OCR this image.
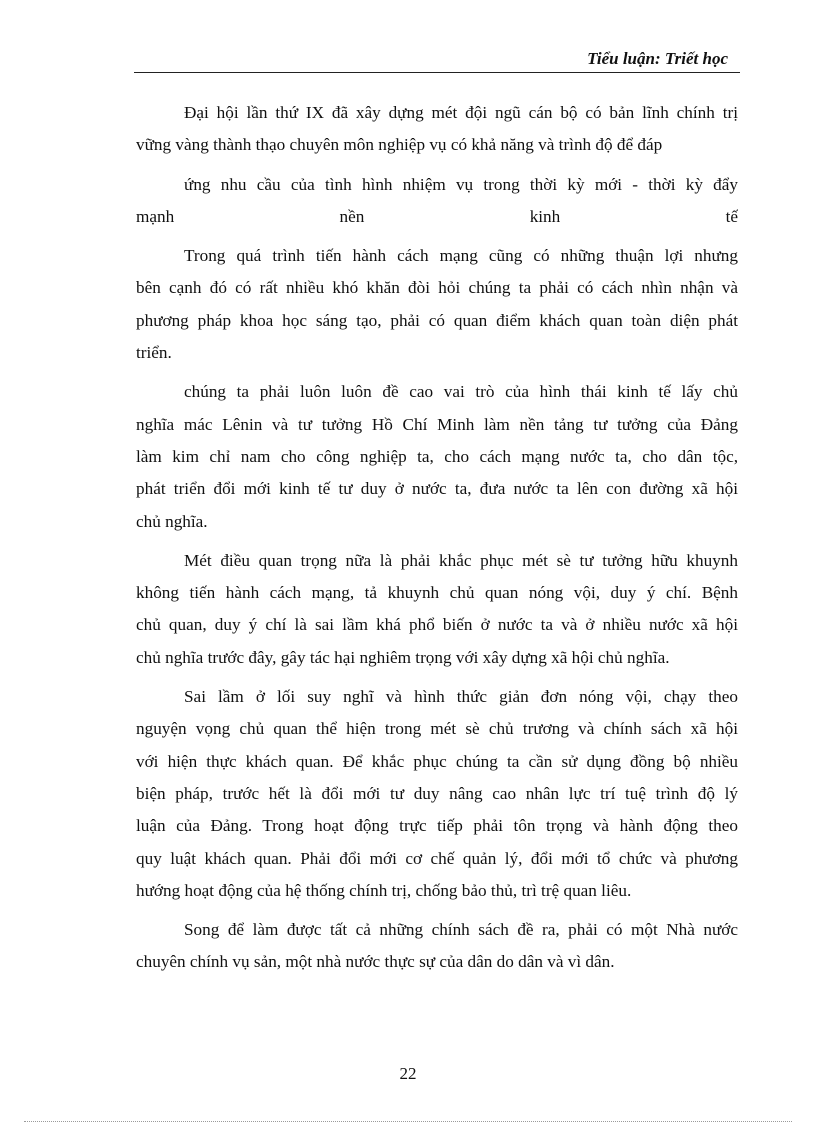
Tiểu luận: Triết học
Đại hội lần thứ IX đã xây dựng mét đội ngũ cán bộ có bản lĩnh chính trị
vững vàng thành thạo chuyên môn nghiệp vụ có khả năng và trình độ để đáp
ứng nhu cầu của tình hình nhiệm vụ trong thời kỳ mới - thời kỳ đẩy
mạnh nền kinh tế
Trong quá trình tiến hành cách mạng cũng có những thuận lợi nhưng
bên cạnh đó có rất nhiều khó khăn đòi hỏi chúng ta phải có cách nhìn nhận và
phương pháp khoa học sáng tạo, phải có quan điểm khách quan toàn diện phát
triển.
chúng ta phải luôn luôn đề cao vai trò của hình thái kinh tế lấy chủ
nghĩa mác Lênin và tư tưởng Hồ Chí Minh làm nền tảng tư tưởng của Đảng
làm kim chỉ nam cho công nghiệp ta, cho cách mạng nước ta, cho dân tộc,
phát triển đổi mới kinh tế tư duy ở nước ta, đưa nước ta lên con đường xã hội
chủ nghĩa.
Mét điều quan trọng nữa là phải khắc phục mét sè tư tưởng hữu khuynh
không tiến hành cách mạng, tả khuynh chủ quan nóng vội, duy ý chí. Bệnh
chủ quan, duy ý chí là sai lầm khá phổ biến ở nước ta và ở nhiều nước xã hội
chủ nghĩa trước đây, gây tác hại nghiêm trọng với xây dựng xã hội chủ nghĩa.
Sai lầm ở lối suy nghĩ và hình thức giản đơn nóng vội, chạy theo
nguyện vọng chủ quan thể hiện trong mét sè chủ trương và chính sách xã hội
với hiện thực khách quan. Để khắc phục chúng ta cần sử dụng đồng bộ nhiều
biện pháp, trước hết là đổi mới tư duy nâng cao nhân lực trí tuệ trình độ lý
luận của Đảng. Trong hoạt động trực tiếp phải tôn trọng và hành động theo
quy luật khách quan. Phải đổi mới cơ chế quản lý, đổi mới tổ chức và phương
hướng hoạt động của hệ thống chính trị, chống bảo thủ, trì trệ quan liêu.
Song để làm được tất cả những chính sách đề ra, phải có một Nhà nước
chuyên chính vụ sản, một nhà nước thực sự của dân do dân và vì dân.
22
